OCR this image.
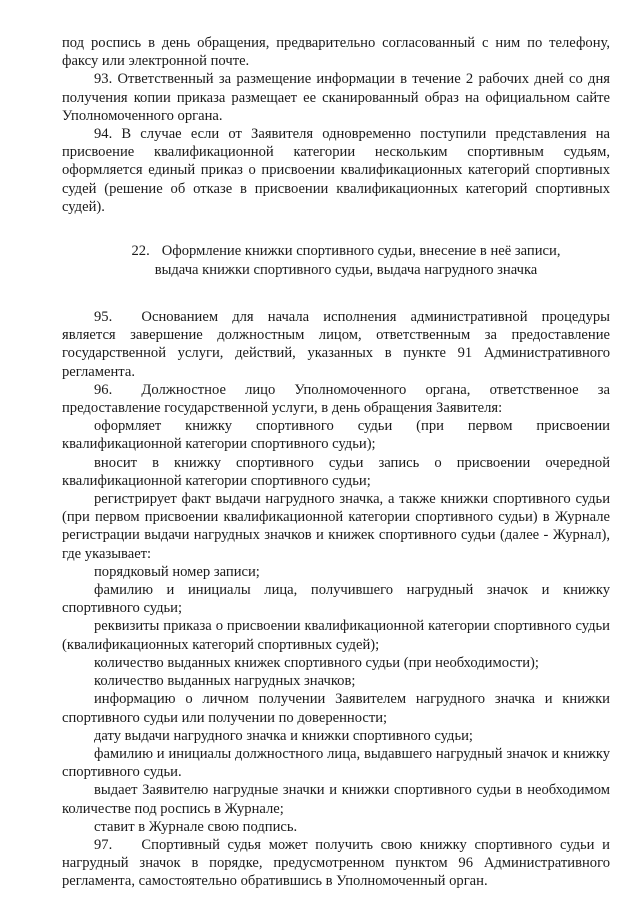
под роспись в день обращения, предварительно согласованный с ним по телефону, факсу или электронной почте.

93. Ответственный за размещение информации в течение 2 рабочих дней со дня получения копии приказа размещает ее сканированный образ на официальном сайте Уполномоченного органа.

94. В случае если от Заявителя одновременно поступили представления на присвоение квалификационной категории нескольким спортивным судьям, оформляется единый приказ о присвоении квалификационных категорий спортивных судей (решение об отказе в присвоении квалификационных категорий спортивных судей).

22. Оформление книжки спортивного судьи, внесение в неё записи,
выдача книжки спортивного судьи, выдача нагрудного значка

95.  Основанием для начала исполнения административной процедуры является завершение должностным лицом, ответственным за предоставление государственной услуги, действий, указанных в пункте 91 Административного регламента.

96.  Должностное лицо Уполномоченного органа, ответственное за предоставление государственной услуги, в день обращения Заявителя:

оформляет книжку спортивного судьи (при первом присвоении квалификационной категории спортивного судьи);

вносит в книжку спортивного судьи запись о присвоении очередной квалификационной категории спортивного судьи;

регистрирует факт выдачи нагрудного значка, а также книжки спортивного судьи (при первом присвоении квалификационной категории спортивного судьи) в Журнале регистрации выдачи нагрудных значков и книжек спортивного судьи (далее - Журнал), где указывает:

порядковый номер записи;

фамилию и инициалы лица, получившего нагрудный значок и книжку спортивного судьи;

реквизиты приказа о присвоении квалификационной категории спортивного судьи (квалификационных категорий спортивных судей);

количество выданных книжек спортивного судьи (при необходимости);

количество выданных нагрудных значков;

информацию о личном получении Заявителем нагрудного значка и книжки спортивного судьи или получении по доверенности;

дату выдачи нагрудного значка и книжки спортивного судьи;

фамилию и инициалы должностного лица, выдавшего нагрудный значок и книжку спортивного судьи.

выдает Заявителю нагрудные значки и книжки спортивного судьи в необходимом количестве под роспись в Журнале;

ставит в Журнале свою подпись.

97.  Спортивный судья может получить свою книжку спортивного судьи и нагрудный значок в порядке, предусмотренном пунктом 96 Административного регламента, самостоятельно обратившись в Уполномоченный орган.
